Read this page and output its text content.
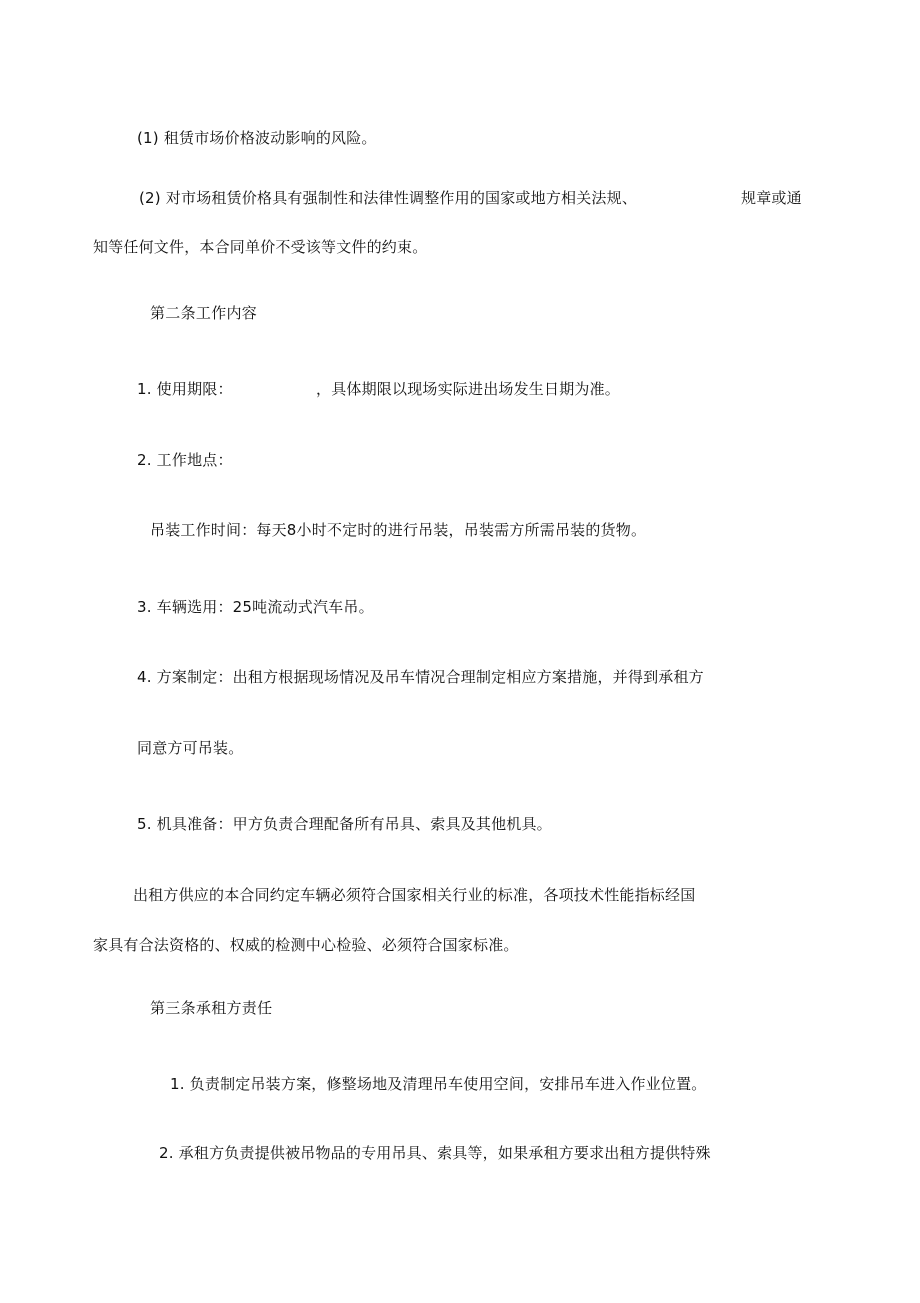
(1) 租赁市场价格波动影响的风险。
(2) 对市场租赁价格具有强制性和法律性调整作用的国家或地方相关法规、	规章或通
知等任何文件，本合同单价不受该等文件的约束。
第二条工作内容
1. 使用期限：	，具体期限以现场实际进出场发生日期为准。
2. 工作地点：
吊装工作时间：每天8小时不定时的进行吊装，吊装需方所需吊装的货物。
3. 车辆选用：25吨流动式汽车吊。
4. 方案制定：出租方根据现场情况及吊车情况合理制定相应方案措施，并得到承租方
同意方可吊装。
5. 机具准备：甲方负责合理配备所有吊具、索具及其他机具。
出租方供应的本合同约定车辆必须符合国家相关行业的标准，各项技术性能指标经国
家具有合法资格的、权威的检测中心检验、必须符合国家标准。
第三条承租方责任
1. 负责制定吊装方案，修整场地及清理吊车使用空间，安排吊车进入作业位置。
2. 承租方负责提供被吊物品的专用吊具、索具等，如果承租方要求出租方提供特殊
